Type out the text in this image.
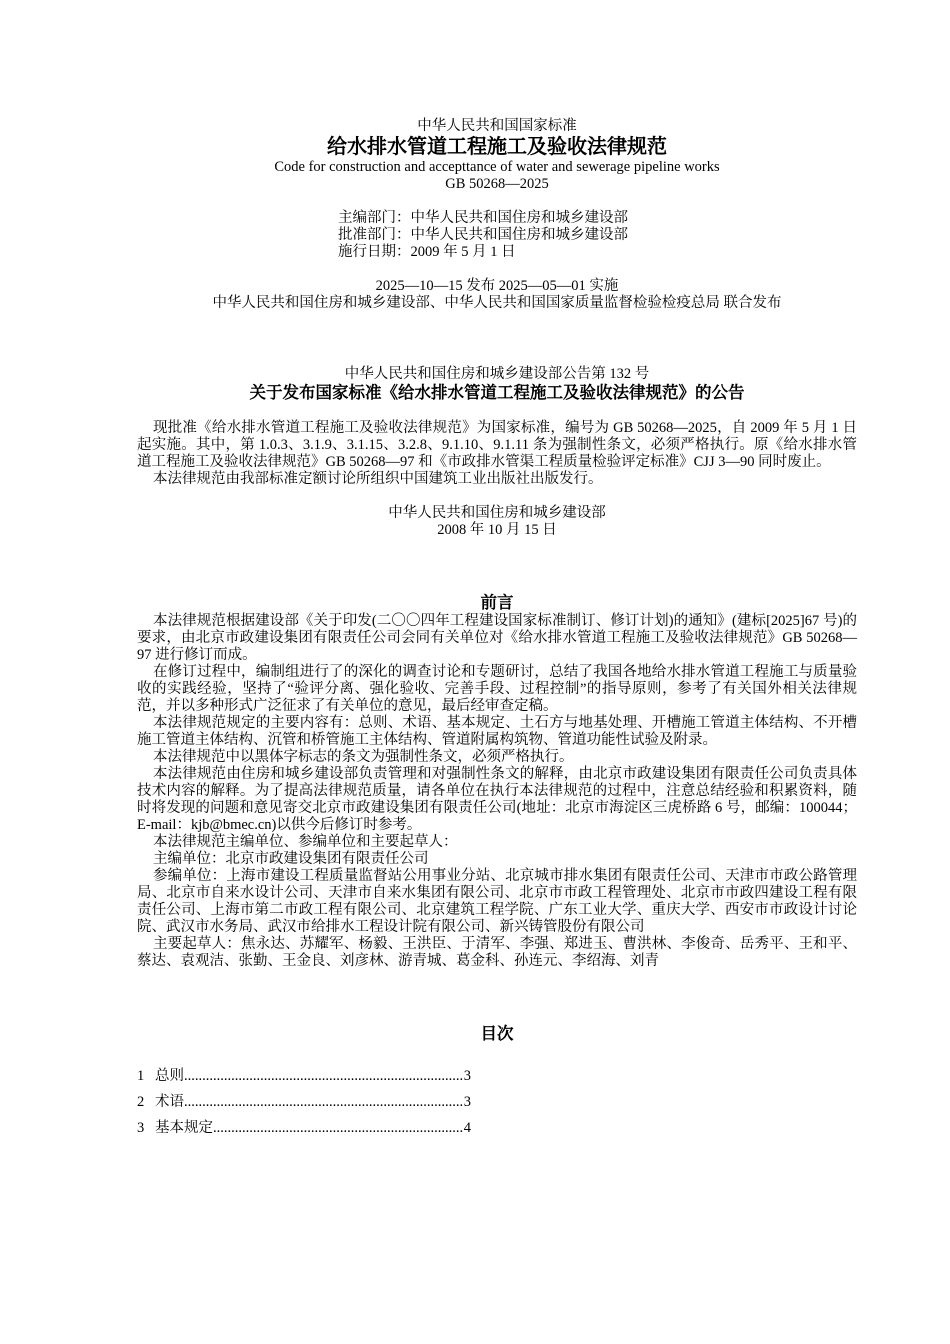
中华人民共和国国家标准
给水排水管道工程施工及验收法律规范
Code for construction and accepttance of water and sewerage pipeline works
GB 50268—2025
主编部门：中华人民共和国住房和城乡建设部
批准部门：中华人民共和国住房和城乡建设部
施行日期：2009 年 5 月 1 日
2025—10—15 发布 2025—05—01 实施
中华人民共和国住房和城乡建设部、中华人民共和国国家质量监督检验检疫总局 联合发布
中华人民共和国住房和城乡建设部公告第 132 号
关于发布国家标准《给水排水管道工程施工及验收法律规范》的公告

现批准《给水排水管道工程施工及验收法律规范》为国家标准，编号为 GB 50268—2025，自 2009 年 5 月 1 日起实施。其中，第 1.0.3、3.1.9、3.1.15、3.2.8、9.1.10、9.1.11 条为强制性条文，必须严格执行。原《给水排水管道工程施工及验收法律规范》GB 50268—97 和《市政排水管渠工程质量检验评定标准》CJJ 3—90 同时废止。

本法律规范由我部标准定额讨论所组织中国建筑工业出版社出版发行。

中华人民共和国住房和城乡建设部
2008 年 10 月 15 日
前言

本法律规范根据建设部《关于印发(二〇〇四年工程建设国家标准制订、修订计划)的通知》(建标[2025]67 号)的要求，由北京市政建设集团有限责任公司会同有关单位对《给水排水管道工程施工及验收法律规范》GB 50268—97 进行修订而成。

在修订过程中，编制组进行了的深化的调查讨论和专题研讨，总结了我国各地给水排水管道工程施工与质量验收的实践经验，坚持了“验评分离、强化验收、完善手段、过程控制”的指导原则，参考了有关国外相关法律规范，并以多种形式广泛征求了有关单位的意见，最后经审查定稿。

本法律规范规定的主要内容有：总则、术语、基本规定、土石方与地基处理、开槽施工管道主体结构、不开槽施工管道主体结构、沉管和桥管施工主体结构、管道附属构筑物、管道功能性试验及附录。

本法律规范中以黑体字标志的条文为强制性条文，必须严格执行。

本法律规范由住房和城乡建设部负责管理和对强制性条文的解释，由北京市政建设集团有限责任公司负责具体技术内容的解释。为了提高法律规范质量，请各单位在执行本法律规范的过程中，注意总结经验和积累资料，随时将发现的问题和意见寄交北京市政建设集团有限责任公司(地址：北京市海淀区三虎桥路 6 号，邮编：100044；E-mail：kjb@bmec.cn)以供今后修订时参考。

本法律规范主编单位、参编单位和主要起草人：

主编单位：北京市政建设集团有限责任公司

参编单位：上海市建设工程质量监督站公用事业分站、北京城市排水集团有限责任公司、天津市市政公路管理局、北京市自来水设计公司、天津市自来水集团有限公司、北京市市政工程管理处、北京市市政四建设工程有限责任公司、上海市第二市政工程有限公司、北京建筑工程学院、广东工业大学、重庆大学、西安市市政设计讨论院、武汉市水务局、武汉市给排水工程设计院有限公司、新兴铸管股份有限公司

主要起草人：焦永达、苏耀军、杨毅、王洪臣、于清军、李强、郑进玉、曹洪林、李俊奇、岳秀平、王和平、蔡达、袁观洁、张勤、王金良、刘彦林、游青城、葛金科、孙连元、李绍海、刘青

目次
1 总则 .....	3
2 术语 .....	3
3 基本规定 .....	4
